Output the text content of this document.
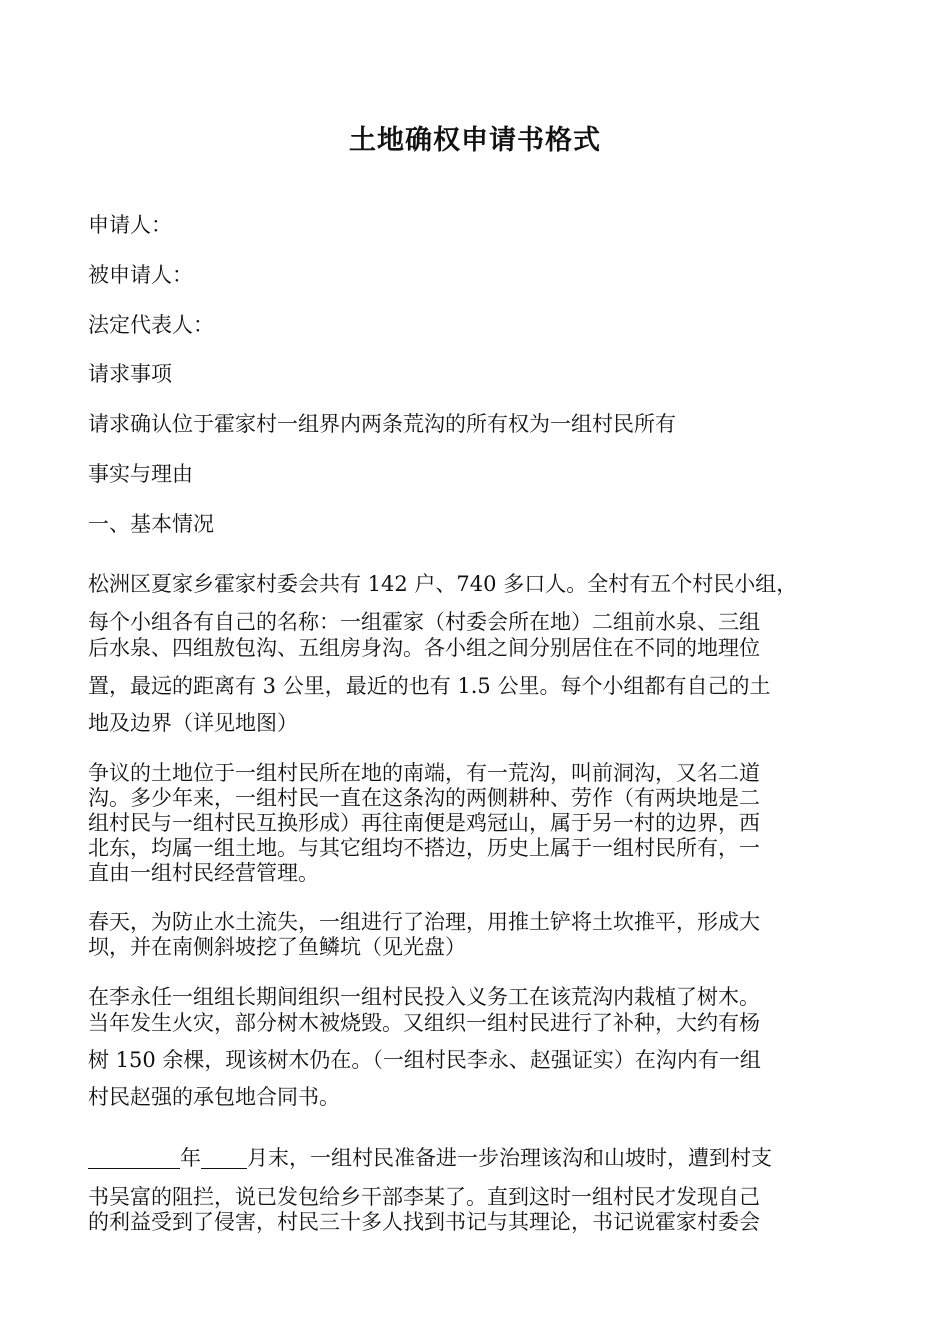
土地确权申请书格式
申请人：
被申请人：
法定代表人：
请求事项
请求确认位于霍家村一组界内两条荒沟的所有权为一组村民所有
事实与理由
一、基本情况
松洲区夏家乡霍家村委会共有 142 户、740 多口人。全村有五个村民小组，
每个小组各有自己的名称：一组霍家（村委会所在地）二组前水泉、三组
后水泉、四组敖包沟、五组房身沟。各小组之间分别居住在不同的地理位
置，最远的距离有 3 公里，最近的也有 1.5 公里。每个小组都有自己的土
地及边界（详见地图）
争议的土地位于一组村民所在地的南端，有一荒沟，叫前洞沟，又名二道
沟。多少年来，一组村民一直在这条沟的两侧耕种、劳作（有两块地是二
组村民与一组村民互换形成）再往南便是鸡冠山，属于另一村的边界，西
北东，均属一组土地。与其它组均不搭边，历史上属于一组村民所有，一
直由一组村民经营管理。
春天，为防止水土流失，一组进行了治理，用推土铲将土坎推平，形成大
坝，并在南侧斜坡挖了鱼鳞坑（见光盘）
在李永任一组组长期间组织一组村民投入义务工在该荒沟内栽植了树木。
当年发生火灾，部分树木被烧毁。又组织一组村民进行了补种，大约有杨
树 150 余棵，现该树木仍在。（一组村民李永、赵强证实）在沟内有一组
村民赵强的承包地合同书。
年 月末，一组村民准备进一步治理该沟和山坡时，遭到村支
书吴富的阻拦，说已发包给乡干部李某了。直到这时一组村民才发现自己
的利益受到了侵害，村民三十多人找到书记与其理论，书记说霍家村委会
